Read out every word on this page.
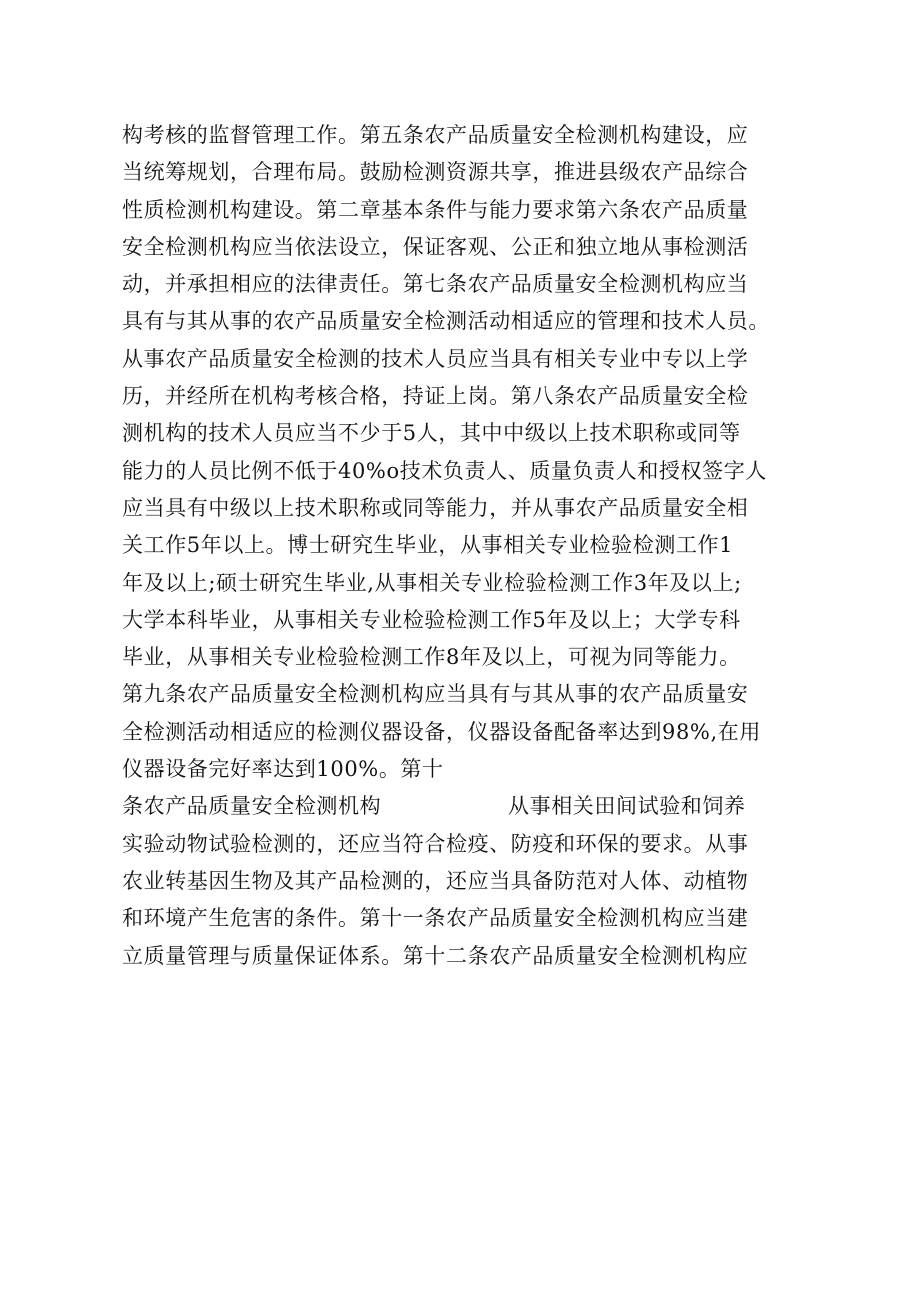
构考核的监督管理工作。第五条农产品质量安全检测机构建设，应
当统筹规划，合理布局。鼓励检测资源共享，推进县级农产品综合
性质检测机构建设。第二章基本条件与能力要求第六条农产品质量
安全检测机构应当依法设立，保证客观、公正和独立地从事检测活
动，并承担相应的法律责任。第七条农产品质量安全检测机构应当
具有与其从事的农产品质量安全检测活动相适应的管理和技术人员。
从事农产品质量安全检测的技术人员应当具有相关专业中专以上学
历，并经所在机构考核合格，持证上岗。第八条农产品质量安全检
测机构的技术人员应当不少于5人，其中中级以上技术职称或同等
能力的人员比例不低于40%o技术负责人、质量负责人和授权签字人
应当具有中级以上技术职称或同等能力，并从事农产品质量安全相
关工作5年以上。博士研究生毕业，从事相关专业检验检测工作1
年及以上;硕士研究生毕业,从事相关专业检验检测工作3年及以上;
大学本科毕业，从事相关专业检验检测工作5年及以上；大学专科
毕业，从事相关专业检验检测工作8年及以上，可视为同等能力。
第九条农产品质量安全检测机构应当具有与其从事的农产品质量安
全检测活动相适应的检测仪器设备，仪器设备配备率达到98%,在用
仪器设备完好率达到100%。第十
条农产品质量安全检测机构	从事相关田间试验和饲养
实验动物试验检测的，还应当符合检疫、防疫和环保的要求。从事
农业转基因生物及其产品检测的，还应当具备防范对人体、动植物
和环境产生危害的条件。第十一条农产品质量安全检测机构应当建
立质量管理与质量保证体系。第十二条农产品质量安全检测机构应
